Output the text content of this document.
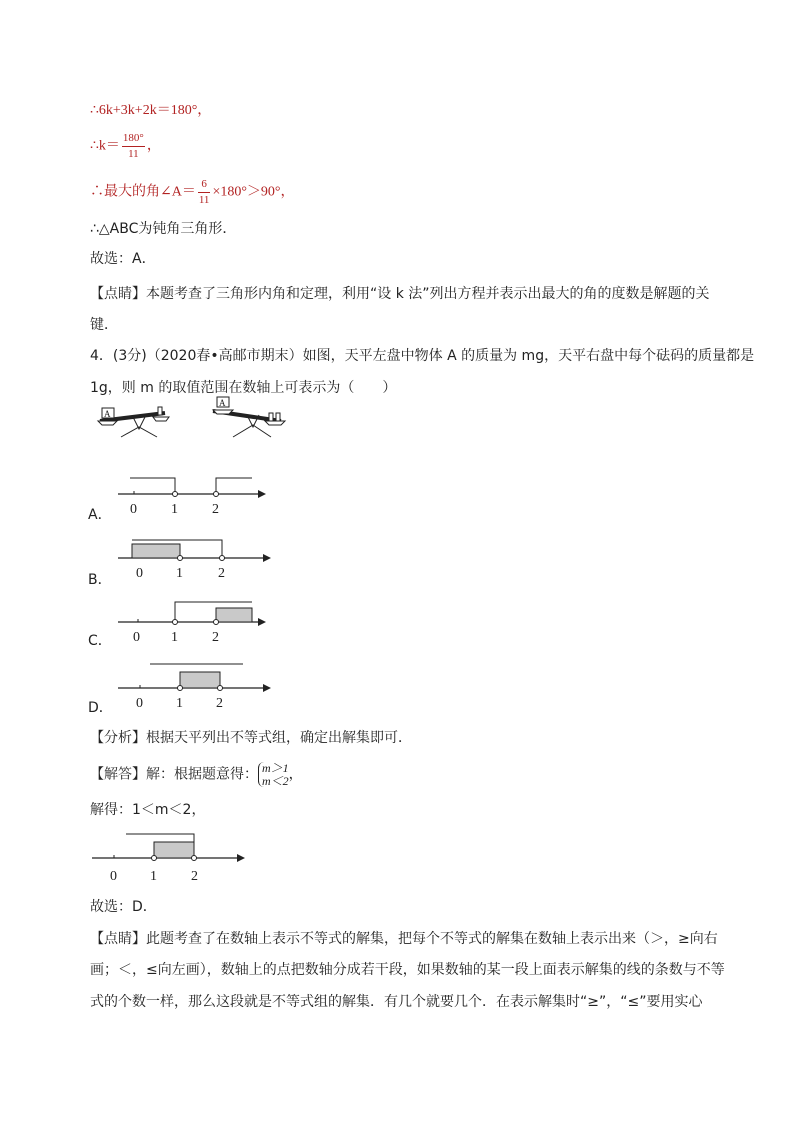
∴6k+3k+2k＝180°，
∴k＝ $\frac{180^\circ}{11}$ ，
∴最大的角∠A＝ $\frac{6}{11} \times 180^\circ>90^\circ$，
∴△ABC为钝角三角形．
故选：A．
【点睛】本题考查了三角形内角和定理，利用“设 k 法”列出方程并表示出最大的角的度数是解题的关
键．
4．(3分)（2020春•高邮市期末）如图，天平左盘中物体 A 的质量为 mg，天平右盘中每个砝码的质量都是
1g，则 m 的取值范围在数轴上可表示为（　　）
A
A
A． 0 1 2
B． 0 1	2
C． 0 1 2
D． 0 1 2
【分析】根据天平列出不等式组，确定出解集即可．
【解答】解：根据题意得： m＞1
m＜2 ，
解得：1＜m＜2，
0 1 2
故选：D．
【点睛】此题考查了在数轴上表示不等式的解集，把每个不等式的解集在数轴上表示出来（＞，≥向右
画；＜，≤向左画），数轴上的点把数轴分成若干段，如果数轴的某一段上面表示解集的线的条数与不等
式的个数一样，那么这段就是不等式组的解集．有几个就要几个．在表示解集时“≥”，“≤”要用实心
